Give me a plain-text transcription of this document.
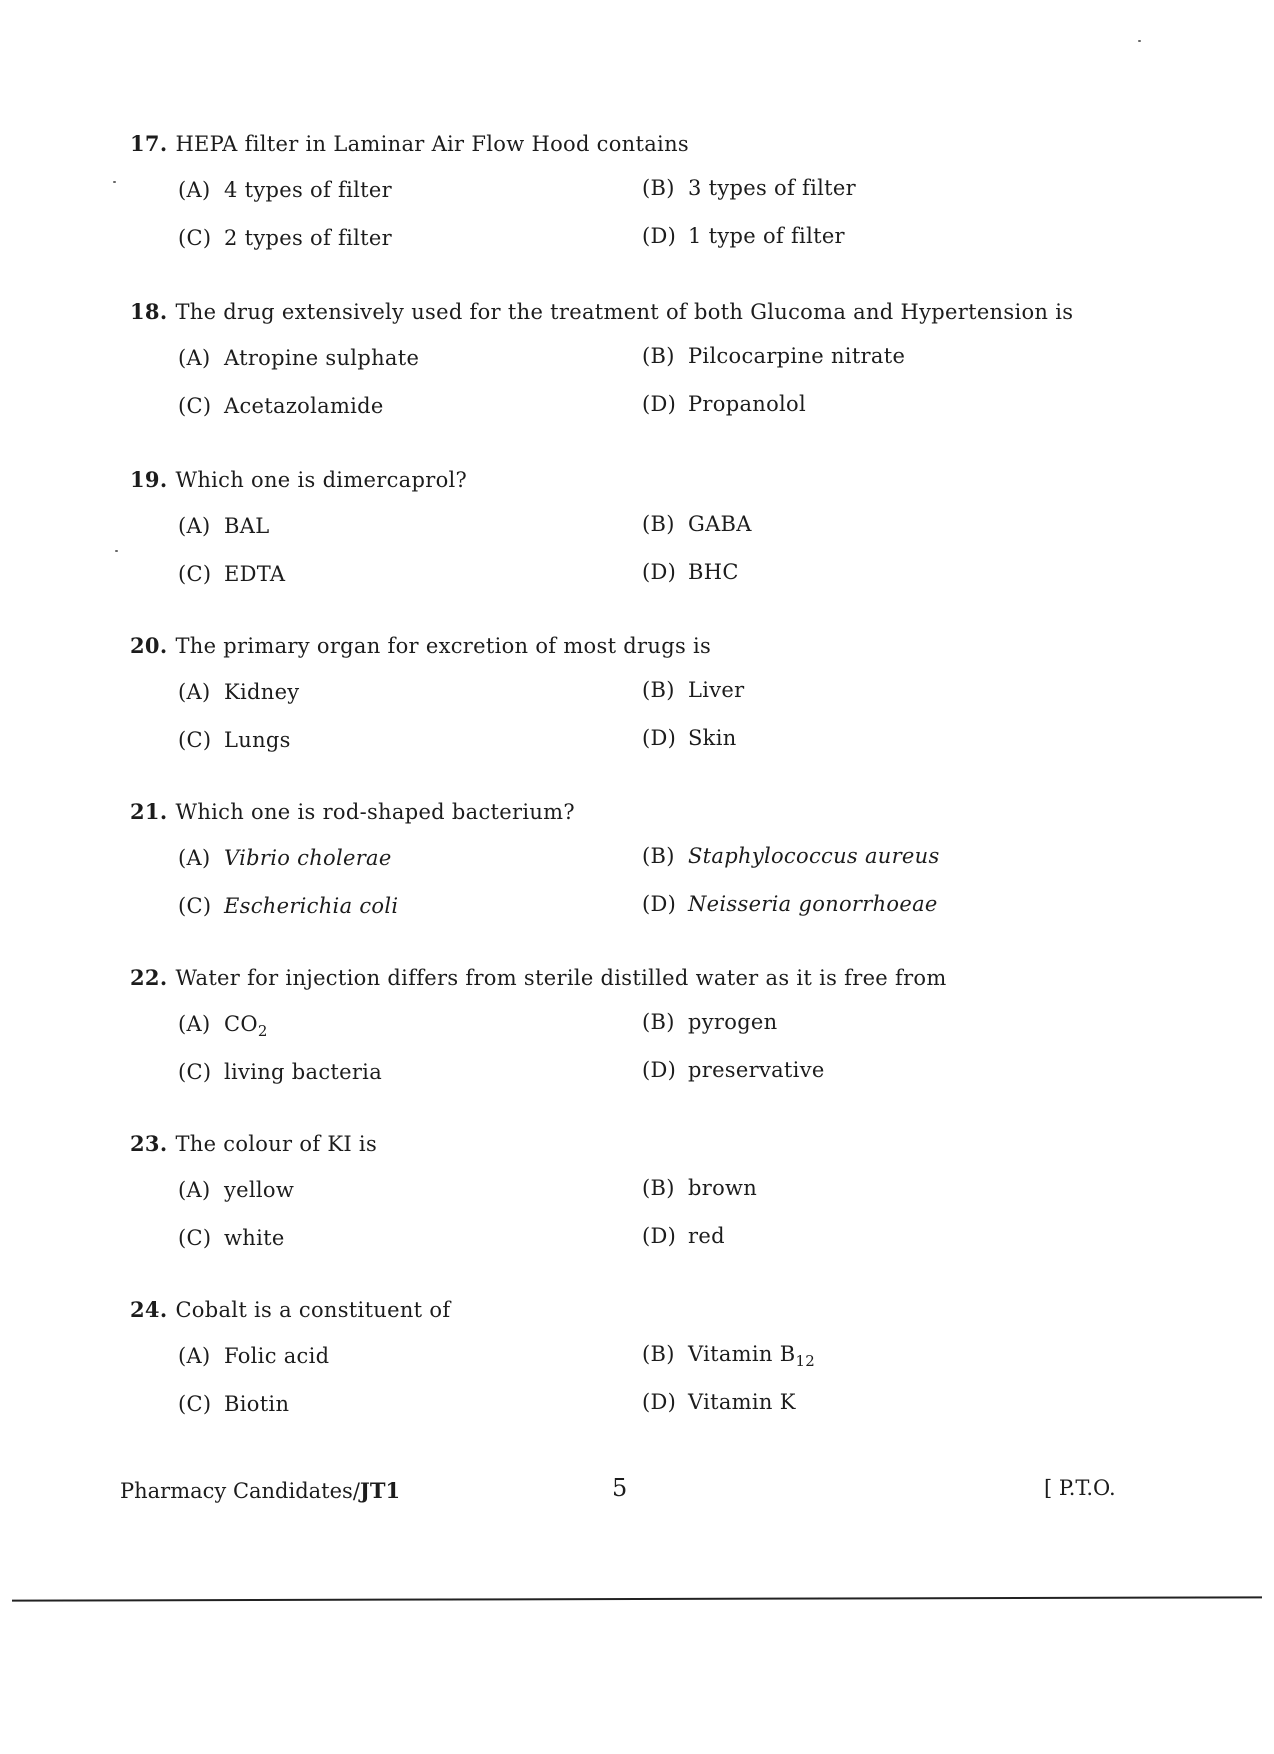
17. HEPA filter in Laminar Air Flow Hood contains
(A) 4 types of filter	(B) 3 types of filter
(C) 2 types of filter	(D) 1 type of filter
18. The drug extensively used for the treatment of both Glucoma and Hypertension is
(A) Atropine sulphate	(B) Pilcocarpine nitrate
(C) Acetazolamide	(D) Propanolol
19. Which one is dimercaprol?
(A) BAL	(B) GABA
(C) EDTA	(D) BHC
20. The primary organ for excretion of most drugs is
(A) Kidney	(B) Liver
(C) Lungs	(D) Skin
21. Which one is rod-shaped bacterium?
(A) Vibrio cholerae	(B) Staphylococcus aureus
(C) Escherichia coli	(D) Neisseria gonorrhoeae
22. Water for injection differs from sterile distilled water as it is free from
(A) $CO_2$	(B) pyrogen
(C) living bacteria	(D) preservative
23. The colour of KI is
(A) yellow	(B) brown
(C) white	(D) red
24. Cobalt is a constituent of
(A) Folic acid	(B) Vitamin $B_{12}$
(C) Biotin	(D) Vitamin K
Pharmacy Candidates/JT1	5	[ P.T.O.
